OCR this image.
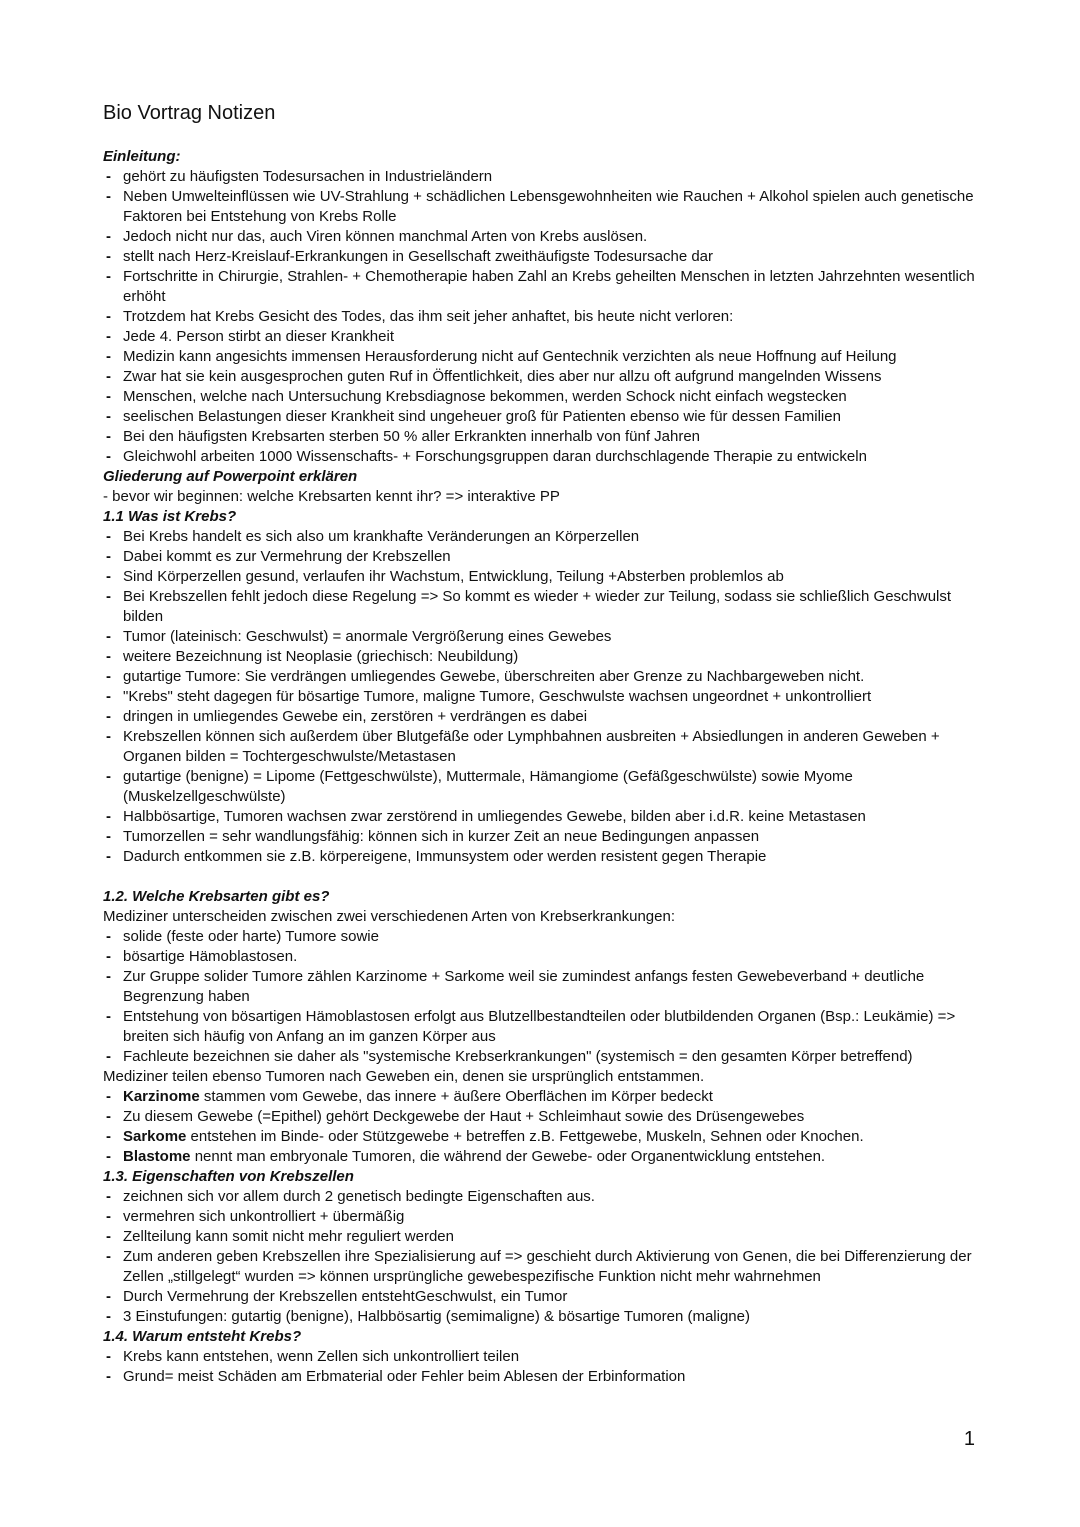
Bio Vortrag Notizen
Einleitung:
- gehört zu häufigsten Todesursachen in Industrieländern
- Neben Umwelteinflüssen wie UV-Strahlung + schädlichen Lebensgewohnheiten wie Rauchen + Alkohol spielen auch genetische Faktoren bei Entstehung von Krebs Rolle
- Jedoch nicht nur das, auch Viren können manchmal Arten von Krebs auslösen.
- stellt nach Herz-Kreislauf-Erkrankungen in Gesellschaft zweithäufigste Todesursache dar
- Fortschritte in Chirurgie, Strahlen- + Chemotherapie haben Zahl an Krebs geheilten Menschen in letzten Jahrzehnten wesentlich erhöht
- Trotzdem hat Krebs Gesicht des Todes, das ihm seit jeher anhaftet, bis heute nicht verloren:
- Jede 4. Person stirbt an dieser Krankheit
- Medizin kann angesichts immensen Herausforderung nicht auf Gentechnik verzichten als neue Hoffnung auf Heilung
- Zwar hat sie kein ausgesprochen guten Ruf in Öffentlichkeit, dies aber nur allzu oft aufgrund mangelnden Wissens
- Menschen, welche nach Untersuchung Krebsdiagnose bekommen, werden Schock nicht einfach wegstecken
- seelischen Belastungen dieser Krankheit sind ungeheuer groß für Patienten ebenso wie für dessen Familien
- Bei den häufigsten Krebsarten sterben 50 % aller Erkrankten innerhalb von fünf Jahren
- Gleichwohl arbeiten 1000 Wissenschafts- + Forschungsgruppen daran durchschlagende Therapie zu entwickeln
Gliederung auf Powerpoint erklären
- bevor wir beginnen: welche Krebsarten kennt ihr? => interaktive PP
1.1 Was ist Krebs?
- Bei Krebs handelt es sich also um krankhafte Veränderungen an Körperzellen
- Dabei kommt es zur Vermehrung der Krebszellen
- Sind Körperzellen gesund, verlaufen ihr Wachstum, Entwicklung, Teilung +Absterben problemlos ab
- Bei Krebszellen fehlt jedoch diese Regelung => So kommt es wieder + wieder zur Teilung, sodass sie schließlich Geschwulst bilden
- Tumor (lateinisch: Geschwulst) = anormale Vergrößerung eines Gewebes
- weitere Bezeichnung ist Neoplasie (griechisch: Neubildung)
- gutartige Tumore: Sie verdrängen umliegendes Gewebe, überschreiten aber Grenze zu Nachbargeweben nicht.
- "Krebs" steht dagegen für bösartige Tumore, maligne Tumore, Geschwulste wachsen ungeordnet + unkontrolliert
- dringen in umliegendes Gewebe ein, zerstören + verdrängen es dabei
- Krebszellen können sich außerdem über Blutgefäße oder Lymphbahnen ausbreiten + Absiedlungen in anderen Geweben + Organen bilden = Tochtergeschwulste/Metastasen
- gutartige (benigne) = Lipome (Fettgeschwülste), Muttermale, Hämangiome (Gefäßgeschwülste) sowie Myome (Muskelzellgeschwülste)
- Halbbösartige, Tumoren wachsen zwar zerstörend in umliegendes Gewebe, bilden aber i.d.R. keine Metastasen
- Tumorzellen = sehr wandlungsfähig: können sich in kurzer Zeit an neue Bedingungen anpassen
- Dadurch entkommen sie z.B. körpereigene, Immunsystem oder werden resistent gegen Therapie
1.2. Welche Krebsarten gibt es?
Mediziner unterscheiden zwischen zwei verschiedenen Arten von Krebserkrankungen:
- solide (feste oder harte) Tumore sowie
- bösartige Hämoblastosen.
- Zur Gruppe solider Tumore zählen Karzinome + Sarkome weil sie zumindest anfangs festen Gewebeverband + deutliche Begrenzung haben
- Entstehung von bösartigen Hämoblastosen erfolgt aus Blutzellbestandteilen oder blutbildenden Organen (Bsp.: Leukämie) => breiten sich häufig von Anfang an im ganzen Körper aus
- Fachleute bezeichnen sie daher als "systemische Krebserkrankungen" (systemisch = den gesamten Körper betreffend)
Mediziner teilen ebenso Tumoren nach Geweben ein, denen sie ursprünglich entstammen.
- Karzinome stammen vom Gewebe, das innere + äußere Oberflächen im Körper bedeckt
- Zu diesem Gewebe (=Epithel) gehört Deckgewebe der Haut + Schleimhaut sowie des Drüsengewebes
- Sarkome entstehen im Binde- oder Stützgewebe + betreffen z.B. Fettgewebe, Muskeln, Sehnen oder Knochen.
- Blastome nennt man embryonale Tumoren, die während der Gewebe- oder Organentwicklung entstehen.
1.3. Eigenschaften von Krebszellen
- zeichnen sich vor allem durch 2 genetisch bedingte Eigenschaften aus.
- vermehren sich unkontrolliert + übermäßig
- Zellteilung kann somit nicht mehr reguliert werden
- Zum anderen geben Krebszellen ihre Spezialisierung auf => geschieht durch Aktivierung von Genen, die bei Differenzierung der Zellen „stillgelegt“ wurden => können ursprüngliche gewebespezifische Funktion nicht mehr wahrnehmen
- Durch Vermehrung der Krebszellen entstehtGeschwulst, ein Tumor
- 3 Einstufungen: gutartig (benigne), Halbbösartig (semimaligne) & bösartige Tumoren (maligne)
1.4. Warum entsteht Krebs?
- Krebs kann entstehen, wenn Zellen sich unkontrolliert teilen
- Grund= meist Schäden am Erbmaterial oder Fehler beim Ablesen der Erbinformation
1
